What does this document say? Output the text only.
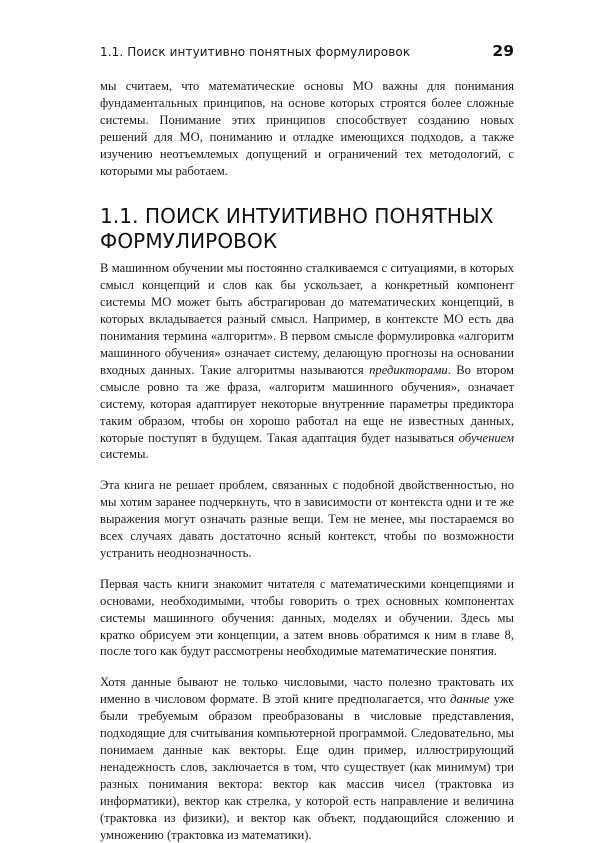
1.1. Поиск интуитивно понятных формулировок	29

мы считаем, что математические основы МО важны для понимания фундаментальных принципов, на основе которых строятся более сложные системы. Понимание этих принципов способствует созданию новых решений для МО, пониманию и отладке имеющихся подходов, а также изучению неотъемлемых допущений и ограничений тех методологий, с которыми мы работаем.

1.1. ПОИСК ИНТУИТИВНО ПОНЯТНЫХ ФОРМУЛИРОВОК

В машинном обучении мы постоянно сталкиваемся с ситуациями, в которых смысл концепций и слов как бы ускользает, а конкретный компонент системы МО может быть абстрагирован до математических концепций, в которых вкладывается разный смысл. Например, в контексте МО есть два понимания термина «алгоритм». В первом смысле формулировка «алгоритм машинного обучения» означает систему, делающую прогнозы на основании входных данных. Такие алгоритмы называются предикторами. Во втором смысле ровно та же фраза, «алгоритм машинного обучения», означает систему, которая адаптирует некоторые внутренние параметры предиктора таким образом, чтобы он хорошо работал на еще не известных данных, которые поступят в будущем. Такая адаптация будет называться обучением системы.

Эта книга не решает проблем, связанных с подобной двойственностью, но мы хотим заранее подчеркнуть, что в зависимости от контекста одни и те же выражения могут означать разные вещи. Тем не менее, мы постараемся во всех случаях давать достаточно ясный контекст, чтобы по возможности устранить неоднозначность.

Первая часть книги знакомит читателя с математическими концепциями и основами, необходимыми, чтобы говорить о трех основных компонентах системы машинного обучения: данных, моделях и обучении. Здесь мы кратко обрисуем эти концепции, а затем вновь обратимся к ним в главе 8, после того как будут рассмотрены необходимые математические понятия.

Хотя данные бывают не только числовыми, часто полезно трактовать их именно в числовом формате. В этой книге предполагается, что данные уже были требуемым образом преобразованы в числовые представления, подходящие для считывания компьютерной программой. Следовательно, мы понимаем данные как векторы. Еще один пример, иллюстрирующий ненадежность слов, заключается в том, что существует (как минимум) три разных понимания вектора: вектор как массив чисел (трактовка из информатики), вектор как стрелка, у которой есть направление и величина (трактовка из физики), и вектор как объект, поддающийся сложению и умножению (трактовка из математики).
